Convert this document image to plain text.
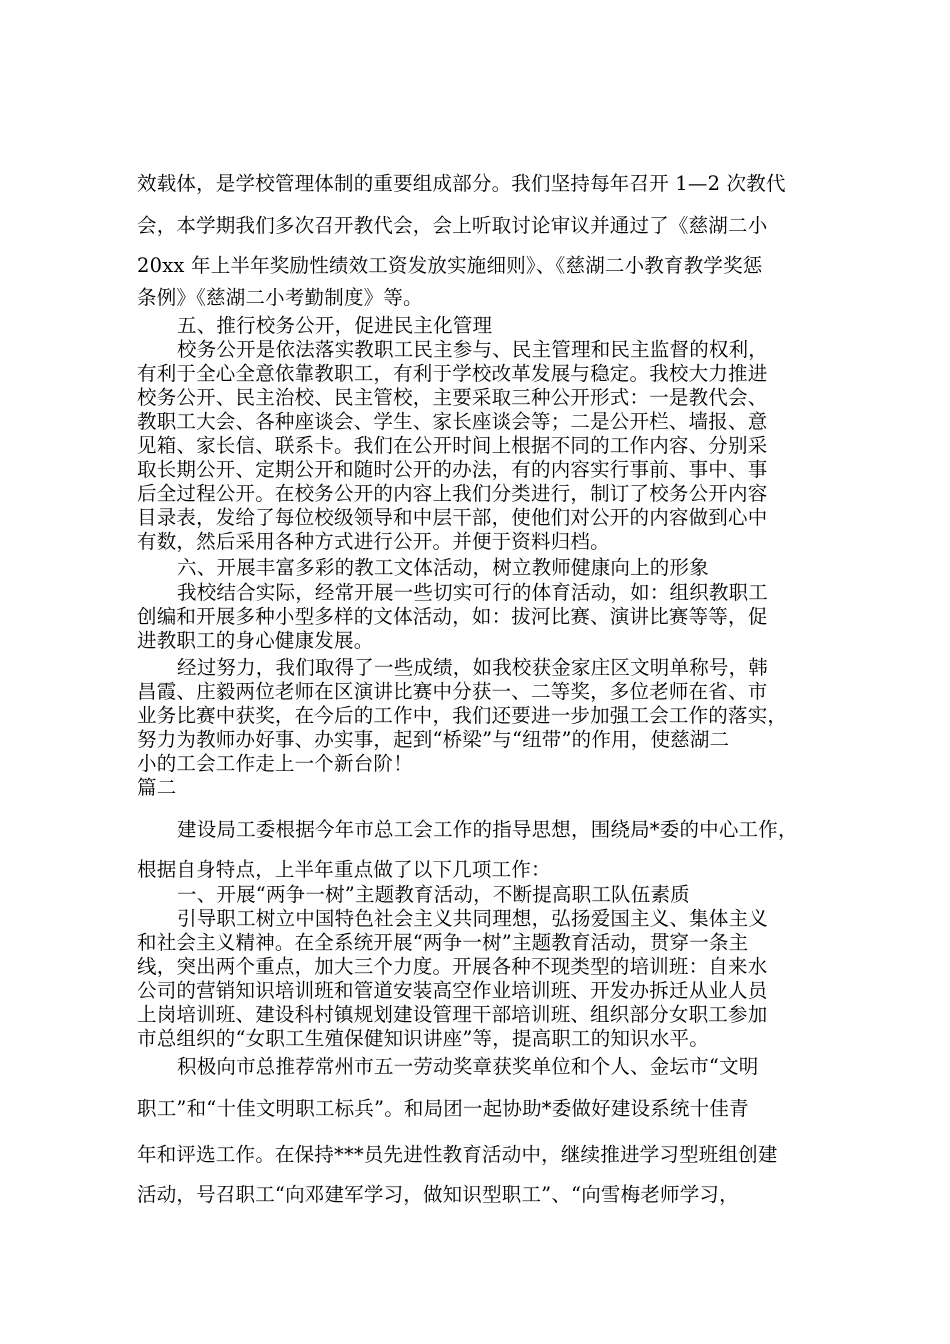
效载体，是学校管理体制的重要组成部分。我们坚持每年召开 1—2 次教代
会，本学期我们多次召开教代会，会上听取讨论审议并通过了《慈湖二小
20xx 年上半年奖励性绩效工资发放实施细则》、《慈湖二小教育教学奖惩
条例》《慈湖二小考勤制度》等。
五、推行校务公开，促进民主化管理
校务公开是依法落实教职工民主参与、民主管理和民主监督的权利，
有利于全心全意依靠教职工，有利于学校改革发展与稳定。我校大力推进
校务公开、民主治校、民主管校，主要采取三种公开形式：一是教代会、
教职工大会、各种座谈会、学生、家长座谈会等；二是公开栏、墙报、意
见箱、家长信、联系卡。我们在公开时间上根据不同的工作内容、分别采
取长期公开、定期公开和随时公开的办法，有的内容实行事前、事中、事
后全过程公开。在校务公开的内容上我们分类进行，制订了校务公开内容
目录表，发给了每位校级领导和中层干部，使他们对公开的内容做到心中
有数，然后采用各种方式进行公开。并便于资料归档。
六、开展丰富多彩的教工文体活动，树立教师健康向上的形象
我校结合实际，经常开展一些切实可行的体育活动，如：组织教职工
创编和开展多种小型多样的文体活动，如：拔河比赛、演讲比赛等等，促
进教职工的身心健康发展。
经过努力，我们取得了一些成绩，如我校获金家庄区文明单称号，韩
昌霞、庄毅两位老师在区演讲比赛中分获一、二等奖，多位老师在省、市
业务比赛中获奖，在今后的工作中，我们还要进一步加强工会工作的落实，
努力为教师办好事、办实事，起到“桥梁”与“纽带”的作用，使慈湖二
小的工会工作走上一个新台阶！
篇二
建设局工委根据今年市总工会工作的指导思想，围绕局*委的中心工作，
根据自身特点，上半年重点做了以下几项工作：
一、开展“两争一树”主题教育活动，不断提高职工队伍素质
引导职工树立中国特色社会主义共同理想，弘扬爱国主义、集体主义
和社会主义精神。在全系统开展“两争一树”主题教育活动，贯穿一条主
线，突出两个重点，加大三个力度。开展各种不现类型的培训班：自来水
公司的营销知识培训班和管道安装高空作业培训班、开发办拆迁从业人员
上岗培训班、建设科村镇规划建设管理干部培训班、组织部分女职工参加
市总组织的“女职工生殖保健知识讲座”等，提高职工的知识水平。
积极向市总推荐常州市五一劳动奖章获奖单位和个人、金坛市“文明
职工”和“十佳文明职工标兵”。和局团一起协助*委做好建设系统十佳青
年和评选工作。在保持***员先进性教育活动中，继续推进学习型班组创建
活动，号召职工“向邓建军学习，做知识型职工”、“向雪梅老师学习，
